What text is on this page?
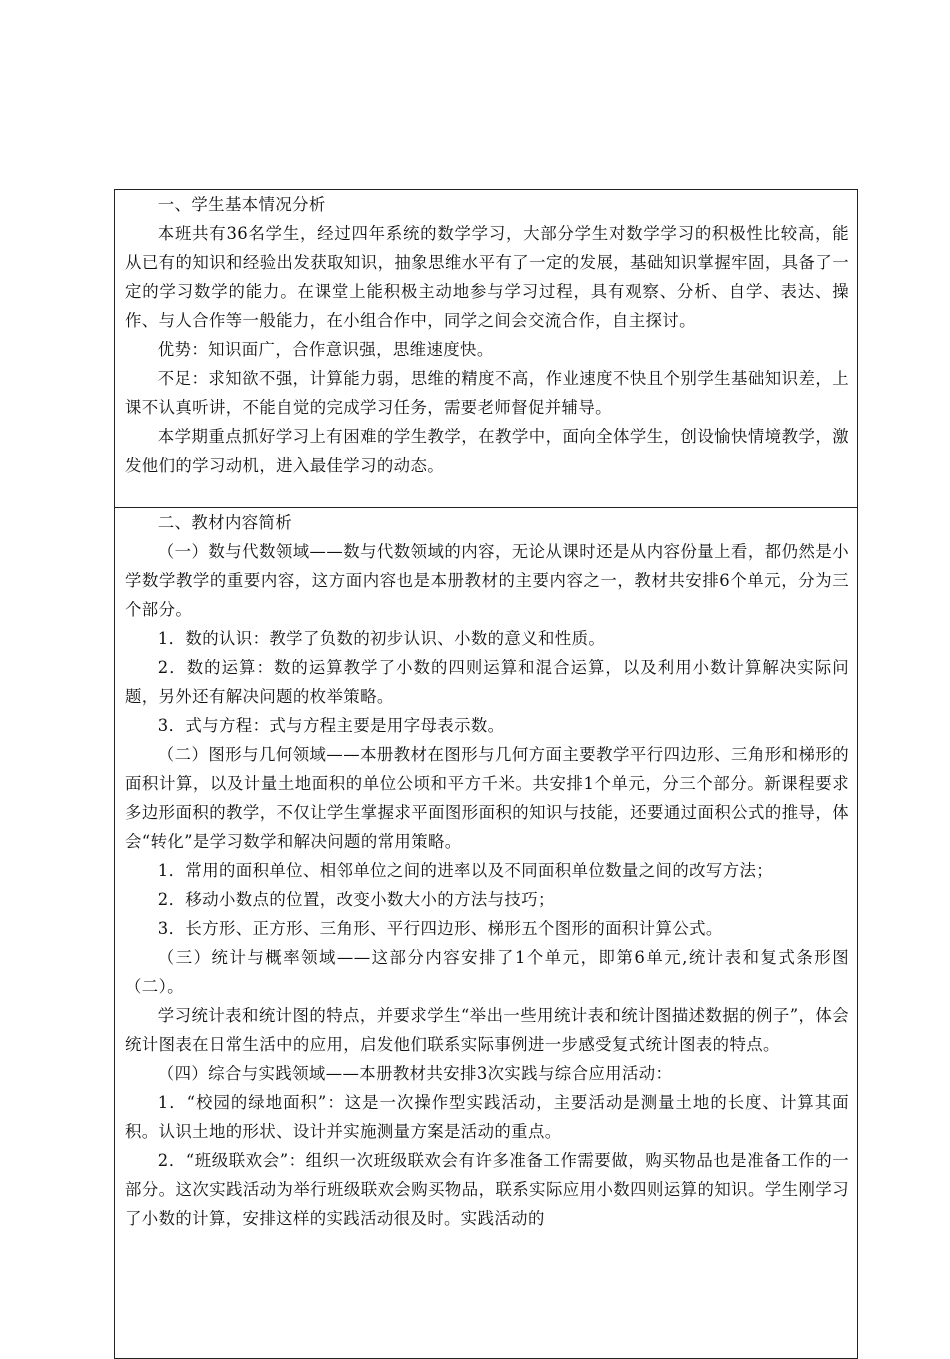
一、学生基本情况分析

本班共有36名学生，经过四年系统的数学学习，大部分学生对数学学习的积极性比较高，能从已有的知识和经验出发获取知识，抽象思维水平有了一定的发展，基础知识掌握牢固，具备了一定的学习数学的能力。在课堂上能积极主动地参与学习过程，具有观察、分析、自学、表达、操作、与人合作等一般能力，在小组合作中，同学之间会交流合作，自主探讨。

优势：知识面广，合作意识强，思维速度快。

不足：求知欲不强，计算能力弱，思维的精度不高，作业速度不快且个别学生基础知识差，上课不认真听讲，不能自觉的完成学习任务，需要老师督促并辅导。

本学期重点抓好学习上有困难的学生教学，在教学中，面向全体学生，创设愉快情境教学，激发他们的学习动机，进入最佳学习的动态。

二、教材内容简析

（一）数与代数领域——数与代数领域的内容，无论从课时还是从内容份量上看，都仍然是小学数学教学的重要内容，这方面内容也是本册教材的主要内容之一，教材共安排6个单元，分为三个部分。

1．数的认识：教学了负数的初步认识、小数的意义和性质。

2．数的运算：数的运算教学了小数的四则运算和混合运算，以及利用小数计算解决实际问题，另外还有解决问题的枚举策略。

3．式与方程：式与方程主要是用字母表示数。

（二）图形与几何领域——本册教材在图形与几何方面主要教学平行四边形、三角形和梯形的面积计算，以及计量土地面积的单位公顷和平方千米。共安排1个单元，分三个部分。新课程要求多边形面积的教学，不仅让学生掌握求平面图形面积的知识与技能，还要通过面积公式的推导，体会“转化”是学习数学和解决问题的常用策略。

1．常用的面积单位、相邻单位之间的进率以及不同面积单位数量之间的改写方法；

2．移动小数点的位置，改变小数大小的方法与技巧；

3．长方形、正方形、三角形、平行四边形、梯形五个图形的面积计算公式。

（三）统计与概率领域——这部分内容安排了1个单元，即第6单元,统计表和复式条形图（二）。

学习统计表和统计图的特点，并要求学生“举出一些用统计表和统计图描述数据的例子”，体会统计图表在日常生活中的应用，启发他们联系实际事例进一步感受复式统计图表的特点。

（四）综合与实践领域——本册教材共安排3次实践与综合应用活动：

1．“校园的绿地面积”：这是一次操作型实践活动，主要活动是测量土地的长度、计算其面积。认识土地的形状、设计并实施测量方案是活动的重点。

2．“班级联欢会”：组织一次班级联欢会有许多准备工作需要做，购买物品也是准备工作的一部分。这次实践活动为举行班级联欢会购买物品，联系实际应用小数四则运算的知识。学生刚学习了小数的计算，安排这样的实践活动很及时。实践活动的
